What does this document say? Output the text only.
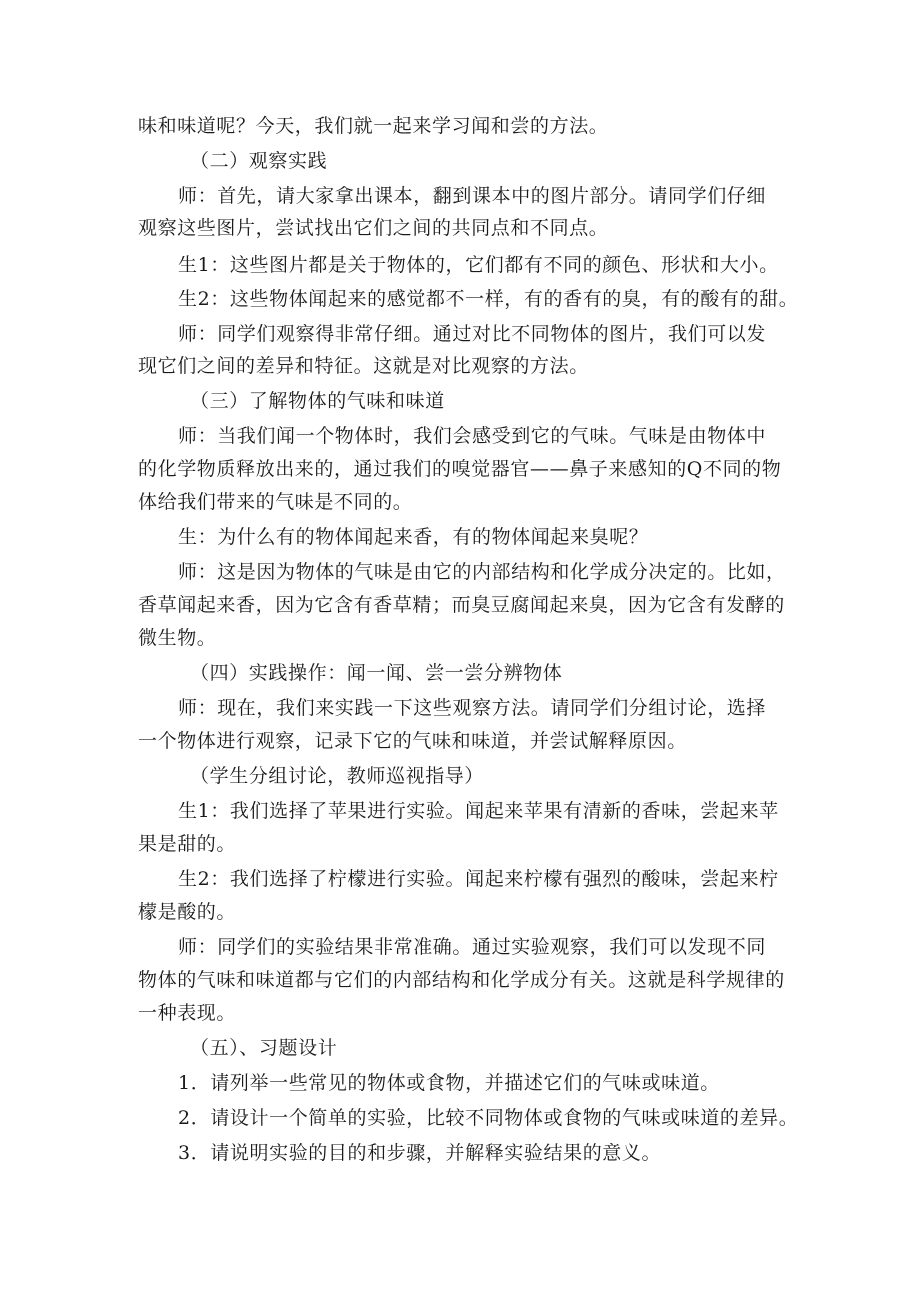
味和味道呢？今天，我们就一起来学习闻和尝的方法。
（二）观察实践
师：首先，请大家拿出课本，翻到课本中的图片部分。请同学们仔细
观察这些图片，尝试找出它们之间的共同点和不同点。
生1：这些图片都是关于物体的，它们都有不同的颜色、形状和大小。
生2：这些物体闻起来的感觉都不一样，有的香有的臭，有的酸有的甜。
师：同学们观察得非常仔细。通过对比不同物体的图片，我们可以发
现它们之间的差异和特征。这就是对比观察的方法。
（三）了解物体的气味和味道
师：当我们闻一个物体时，我们会感受到它的气味。气味是由物体中
的化学物质释放出来的，通过我们的嗅觉器官——鼻子来感知的Q不同的物
体给我们带来的气味是不同的。
生：为什么有的物体闻起来香，有的物体闻起来臭呢？
师：这是因为物体的气味是由它的内部结构和化学成分决定的。比如，
香草闻起来香，因为它含有香草精；而臭豆腐闻起来臭，因为它含有发酵的
微生物。
（四）实践操作：闻一闻、尝一尝分辨物体
师：现在，我们来实践一下这些观察方法。请同学们分组讨论，选择
一个物体进行观察，记录下它的气味和味道，并尝试解释原因。
（学生分组讨论，教师巡视指导）
生1：我们选择了苹果进行实验。闻起来苹果有清新的香味，尝起来苹
果是甜的。
生2：我们选择了柠檬进行实验。闻起来柠檬有强烈的酸味，尝起来柠
檬是酸的。
师：同学们的实验结果非常准确。通过实验观察，我们可以发现不同
物体的气味和味道都与它们的内部结构和化学成分有关。这就是科学规律的
一种表现。
（五）、习题设计
1．请列举一些常见的物体或食物，并描述它们的气味或味道。
2．请设计一个简单的实验，比较不同物体或食物的气味或味道的差异。
3．请说明实验的目的和步骤，并解释实验结果的意义。
